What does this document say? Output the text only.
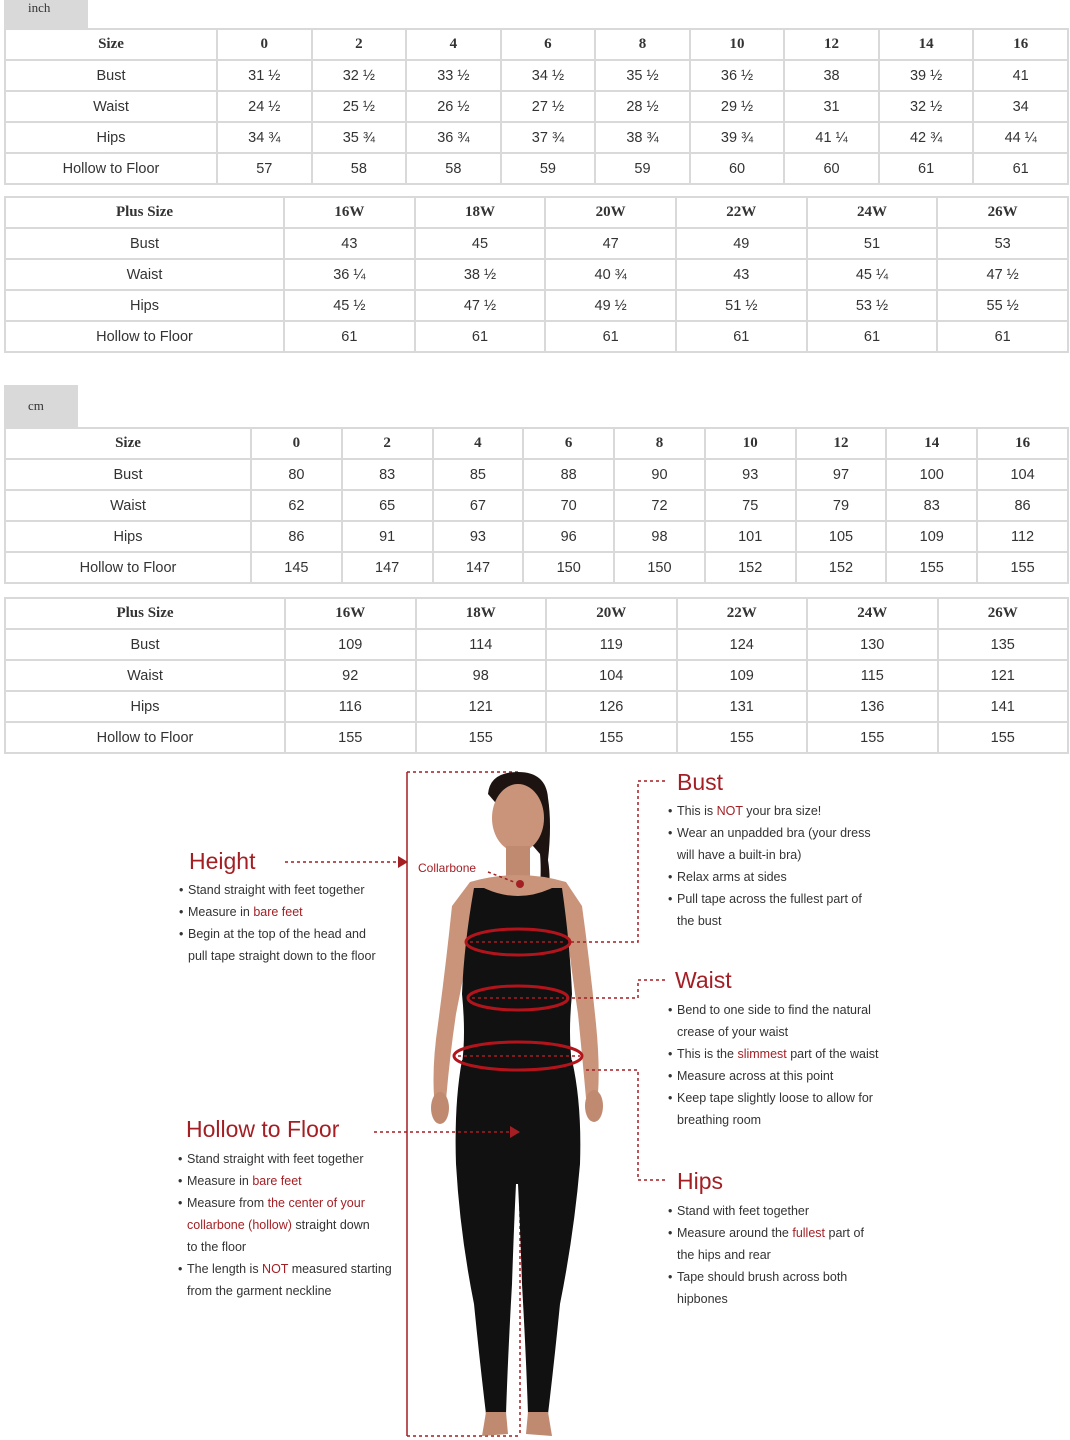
inch
Size	0	2	4	6	8	10	12	14	16
Bust	31 ½	32 ½	33 ½	34 ½	35 ½	36 ½	38	39 ½	41
Waist	24 ½	25 ½	26 ½	27 ½	28 ½	29 ½	31	32 ½	34
Hips	34 ¾	35 ¾	36 ¾	37 ¾	38 ¾	39 ¾	41 ¼	42 ¾	44 ¼
Hollow to Floor	57	58	58	59	59	60	60	61	61
Plus Size	16W	18W	20W	22W	24W	26W
Bust	43	45	47	49	51	53
Waist	36 ¼	38 ½	40 ¾	43	45 ¼	47 ½
Hips	45 ½	47 ½	49 ½	51 ½	53 ½	55 ½
Hollow to Floor	61	61	61	61	61	61
cm
Size	0	2	4	6	8	10	12	14	16
Bust	80	83	85	88	90	93	97	100	104
Waist	62	65	67	70	72	75	79	83	86
Hips	86	91	93	96	98	101	105	109	112
Hollow to Floor	145	147	147	150	150	152	152	155	155
Plus Size	16W	18W	20W	22W	24W	26W
Bust	109	114	119	124	130	135
Waist	92	98	104	109	115	121
Hips	116	121	126	131	136	141
Hollow to Floor	155	155	155	155	155	155
Collarbone
Height
• Stand straight with feet together
• Measure in bare feet
• Begin at the top of the head and
pull tape straight down to the floor
Hollow to Floor
• Stand straight with feet together
• Measure in bare feet
• Measure from the center of your
collarbone (hollow) straight down
to the floor
• The length is NOT measured starting
from the garment neckline
Bust
• This is NOT your bra size!
• Wear an unpadded bra (your dress
will have a built-in bra)
• Relax arms at sides
• Pull tape across the fullest part of
the bust
Waist
• Bend to one side to find the natural
crease of your waist
• This is the slimmest part of the waist
• Measure across at this point
• Keep tape slightly loose to allow for
breathing room
Hips
• Stand with feet together
• Measure around the fullest part of
the hips and rear
• Tape should brush across both
hipbones
